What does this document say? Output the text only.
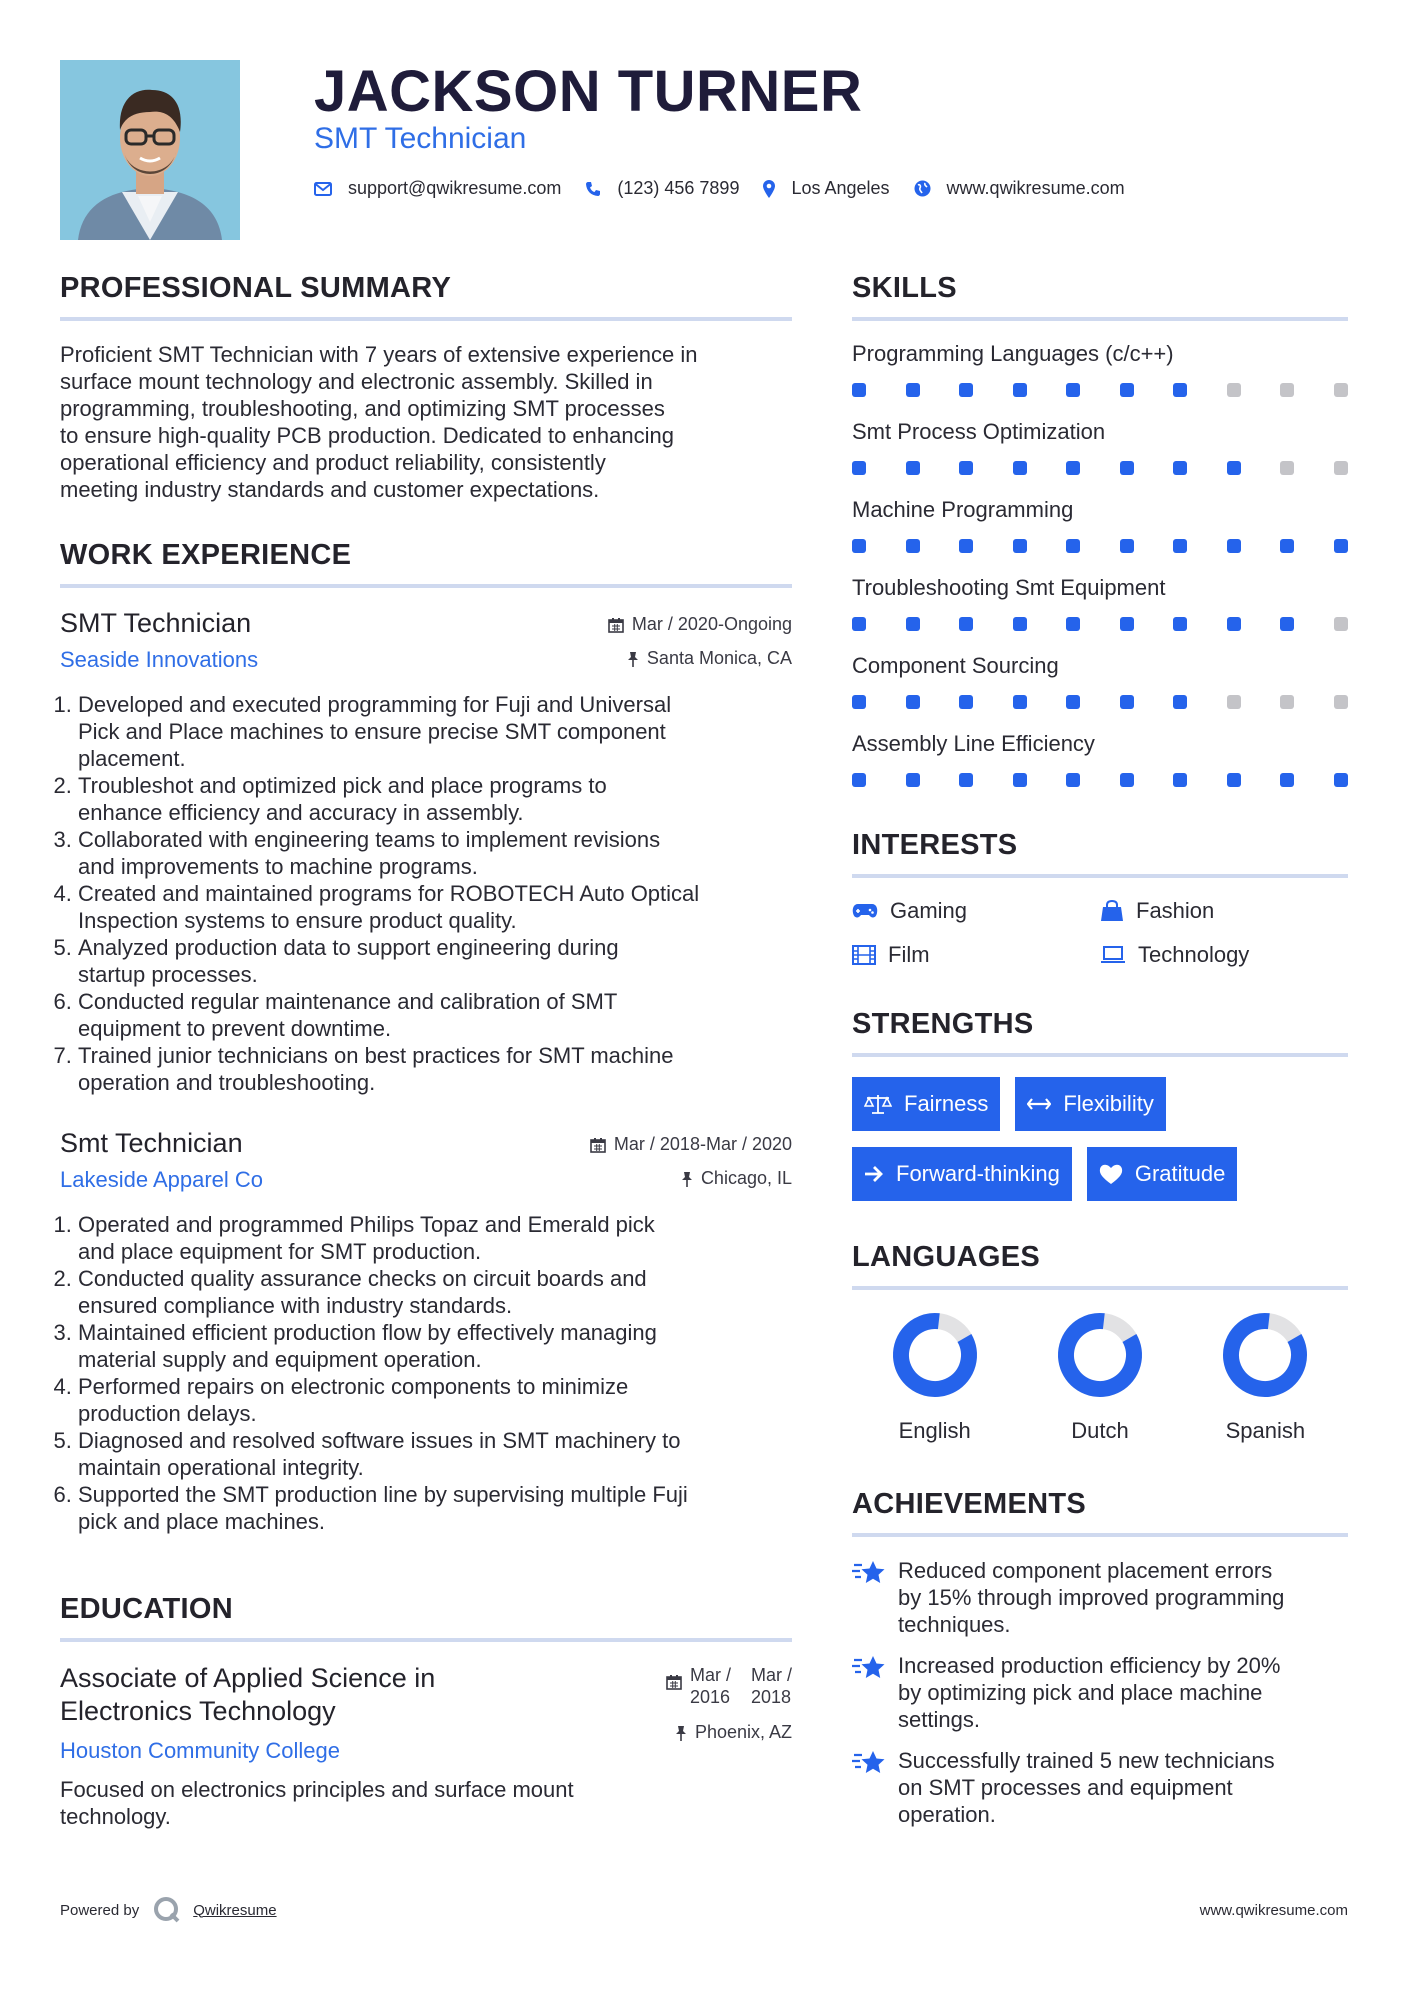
JACKSON TURNER
SMT Technician
support@qwikresume.com	(123) 456 7899	Los Angeles	www.qwikresume.com
PROFESSIONAL SUMMARY
Proficient SMT Technician with 7 years of extensive experience in
surface mount technology and electronic assembly. Skilled in
programming, troubleshooting, and optimizing SMT processes
to ensure high-quality PCB production. Dedicated to enhancing
operational efficiency and product reliability, consistently
meeting industry standards and customer expectations.
WORK EXPERIENCE
SMT Technician
Seaside Innovations
Mar / 2020-Ongoing
Santa Monica, CA
1. Developed and executed programming for Fuji and Universal
Pick and Place machines to ensure precise SMT component
placement.
2. Troubleshot and optimized pick and place programs to
enhance efficiency and accuracy in assembly.
3. Collaborated with engineering teams to implement revisions
and improvements to machine programs.
4. Created and maintained programs for ROBOTECH Auto Optical
Inspection systems to ensure product quality.
5. Analyzed production data to support engineering during
startup processes.
6. Conducted regular maintenance and calibration of SMT
equipment to prevent downtime.
7. Trained junior technicians on best practices for SMT machine
operation and troubleshooting.
Smt Technician
Lakeside Apparel Co
Mar / 2018-Mar / 2020
Chicago, IL
1. Operated and programmed Philips Topaz and Emerald pick
and place equipment for SMT production.
2. Conducted quality assurance checks on circuit boards and
ensured compliance with industry standards.
3. Maintained efficient production flow by effectively managing
material supply and equipment operation.
4. Performed repairs on electronic components to minimize
production delays.
5. Diagnosed and resolved software issues in SMT machinery to
maintain operational integrity.
6. Supported the SMT production line by supervising multiple Fuji
pick and place machines.
EDUCATION
Associate of Applied Science in
Electronics Technology
Houston Community College
Mar /
2016
Mar /
2018
Phoenix, AZ
Focused on electronics principles and surface mount
technology.
SKILLS
Programming Languages (c/c++)
Smt Process Optimization
Machine Programming
Troubleshooting Smt Equipment
Component Sourcing
Assembly Line Efficiency
INTERESTS
Gaming	Fashion
Film	Technology
STRENGTHS
Fairness	Flexibility
Forward-thinking	Gratitude
LANGUAGES
English	Dutch	Spanish
ACHIEVEMENTS
Reduced component placement errors
by 15% through improved programming
techniques.
Increased production efficiency by 20%
by optimizing pick and place machine
settings.
Successfully trained 5 new technicians
on SMT processes and equipment
operation.
Powered by	Qwikresume	www.qwikresume.com
